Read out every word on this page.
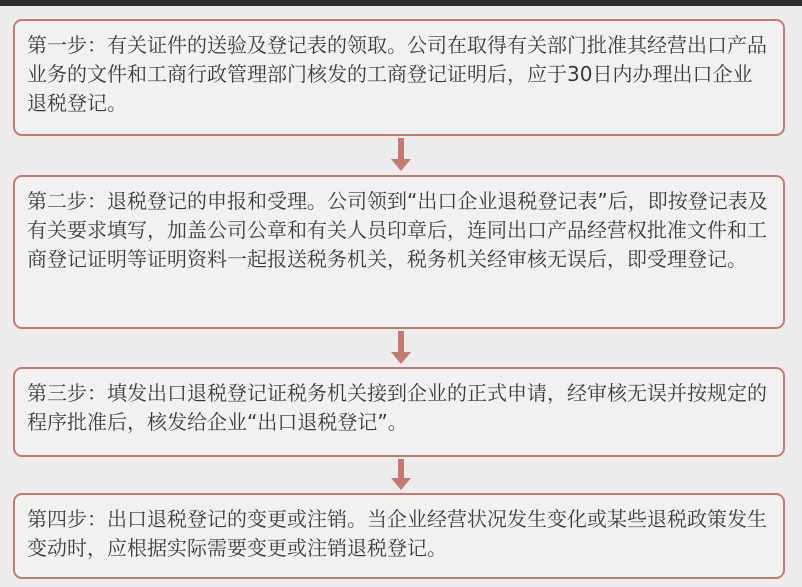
第一步：有关证件的送验及登记表的领取。公司在取得有关部门批准其经营出口产品业务的文件和工商行政管理部门核发的工商登记证明后，应于30日内办理出口企业退税登记。
第二步：退税登记的申报和受理。公司领到“出口企业退税登记表”后，即按登记表及有关要求填写，加盖公司公章和有关人员印章后，连同出口产品经营权批准文件和工商登记证明等证明资料一起报送税务机关，税务机关经审核无误后，即受理登记。
第三步：填发出口退税登记证税务机关接到企业的正式申请，经审核无误并按规定的程序批准后，核发给企业“出口退税登记”。
第四步：出口退税登记的变更或注销。当企业经营状况发生变化或某些退税政策发生变动时，应根据实际需要变更或注销退税登记。
